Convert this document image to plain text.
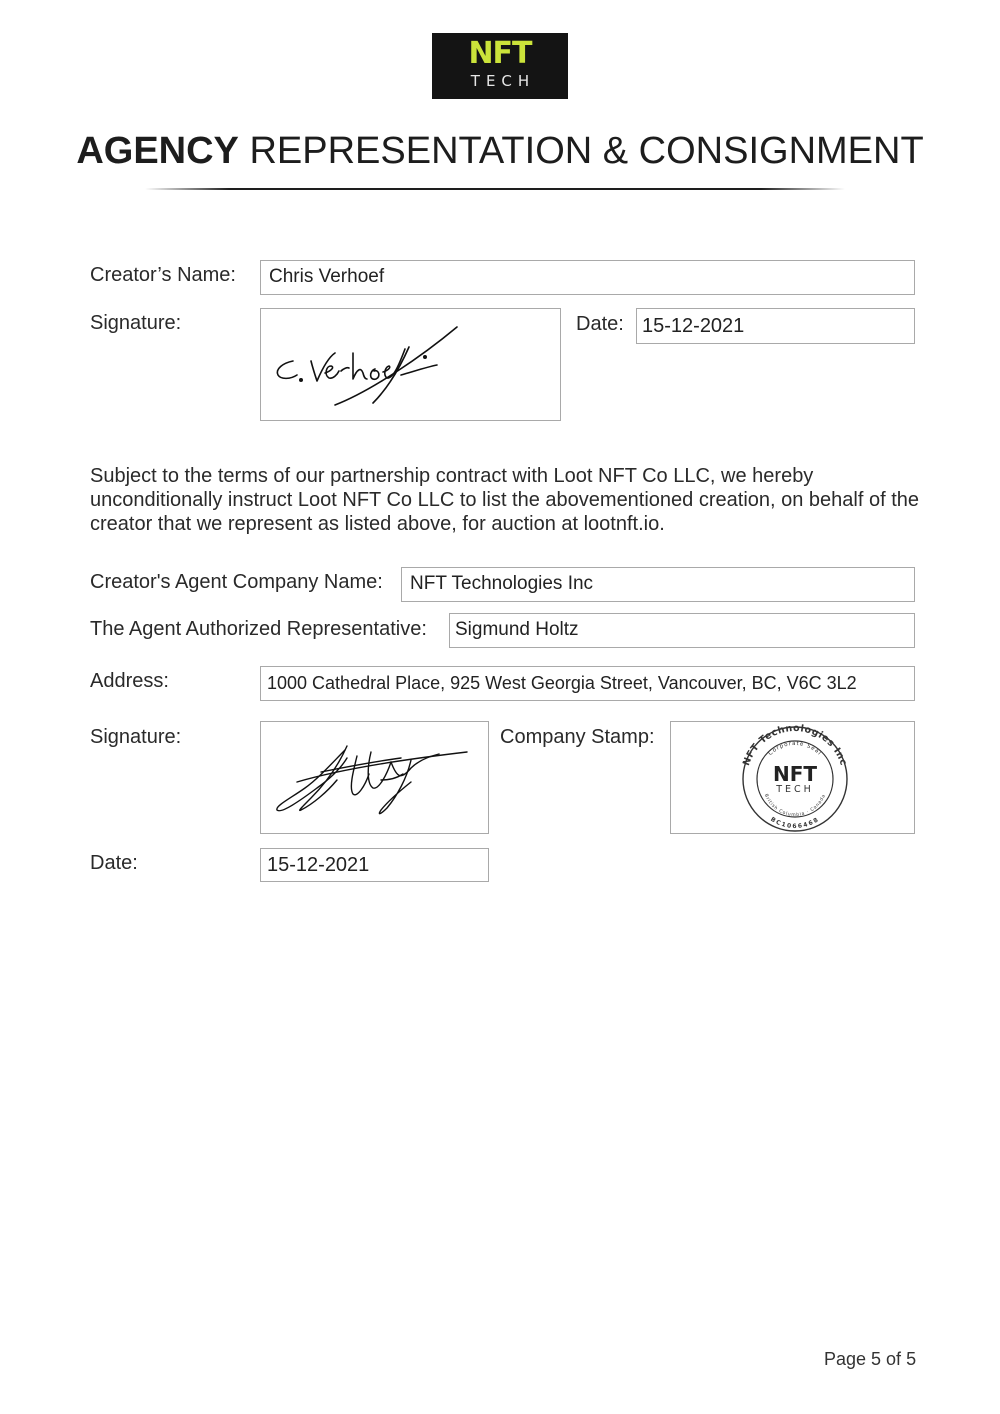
NFT
TECH
AGENCY REPRESENTATION & CONSIGNMENT
Creator’s Name:	Chris Verhoef
Signature:	Date: 15-12-2021
Subject to the terms of our partnership contract with Loot NFT Co LLC, we hereby unconditionally instruct Loot NFT Co LLC to list the abovementioned creation, on behalf of the creator that we represent as listed above, for auction at lootnft.io.
Creator's Agent Company Name:	NFT Technologies Inc
The Agent Authorized Representative:	Sigmund Holtz
Address:	1000 Cathedral Place, 925 West Georgia Street, Vancouver, BC, V6C 3L2
Signature:	Company Stamp:
NFT Technologies Inc
Corporate Seal
NFT
TECH
British Columbia · Canada
BC1066468
Date:	15-12-2021
Page 5 of 5
